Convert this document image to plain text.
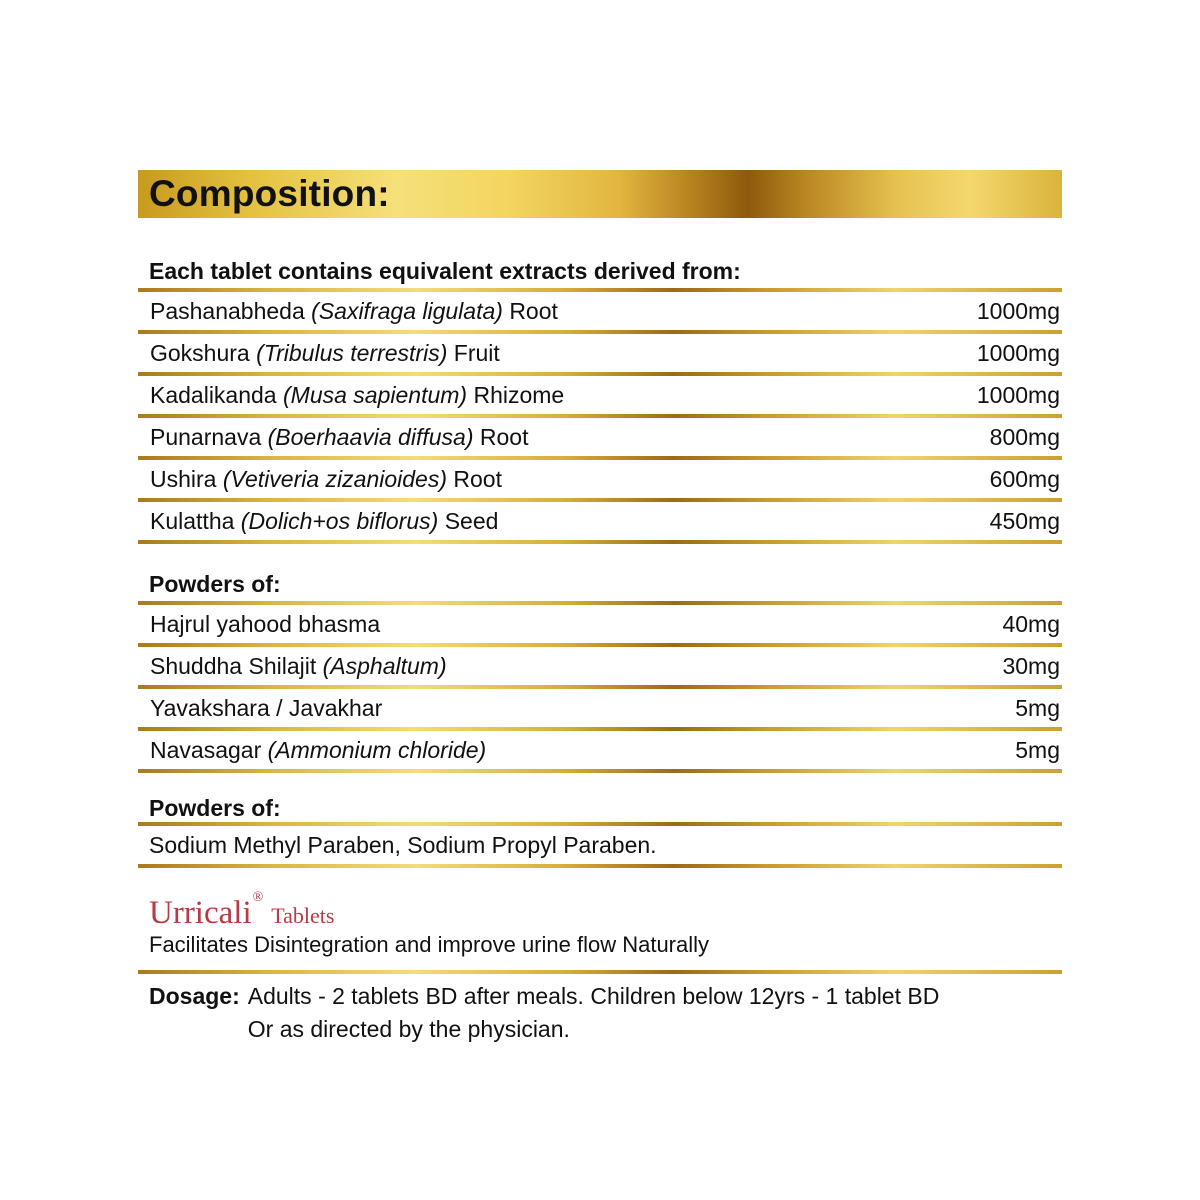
Composition:
Each tablet contains equivalent extracts derived from:
Pashanabheda (Saxifraga ligulata) Root	1000mg
Gokshura (Tribulus terrestris) Fruit	1000mg
Kadalikanda (Musa sapientum) Rhizome	1000mg
Punarnava (Boerhaavia diffusa) Root	800mg
Ushira (Vetiveria zizanioides) Root	600mg
Kulattha (Dolich+os biflorus) Seed	450mg
Powders of:
Hajrul yahood bhasma	40mg
Shuddha Shilajit (Asphaltum)	30mg
Yavakshara / Javakhar	5mg
Navasagar (Ammonium chloride)	5mg
Powders of:
Sodium Methyl Paraben, Sodium Propyl Paraben.
Urricali ®
Tablets
Facilitates Disintegration and improve urine flow Naturally
Dosage: Adults - 2 tablets BD after meals. Children below 12yrs - 1 tablet BD
Or as directed by the physician.
